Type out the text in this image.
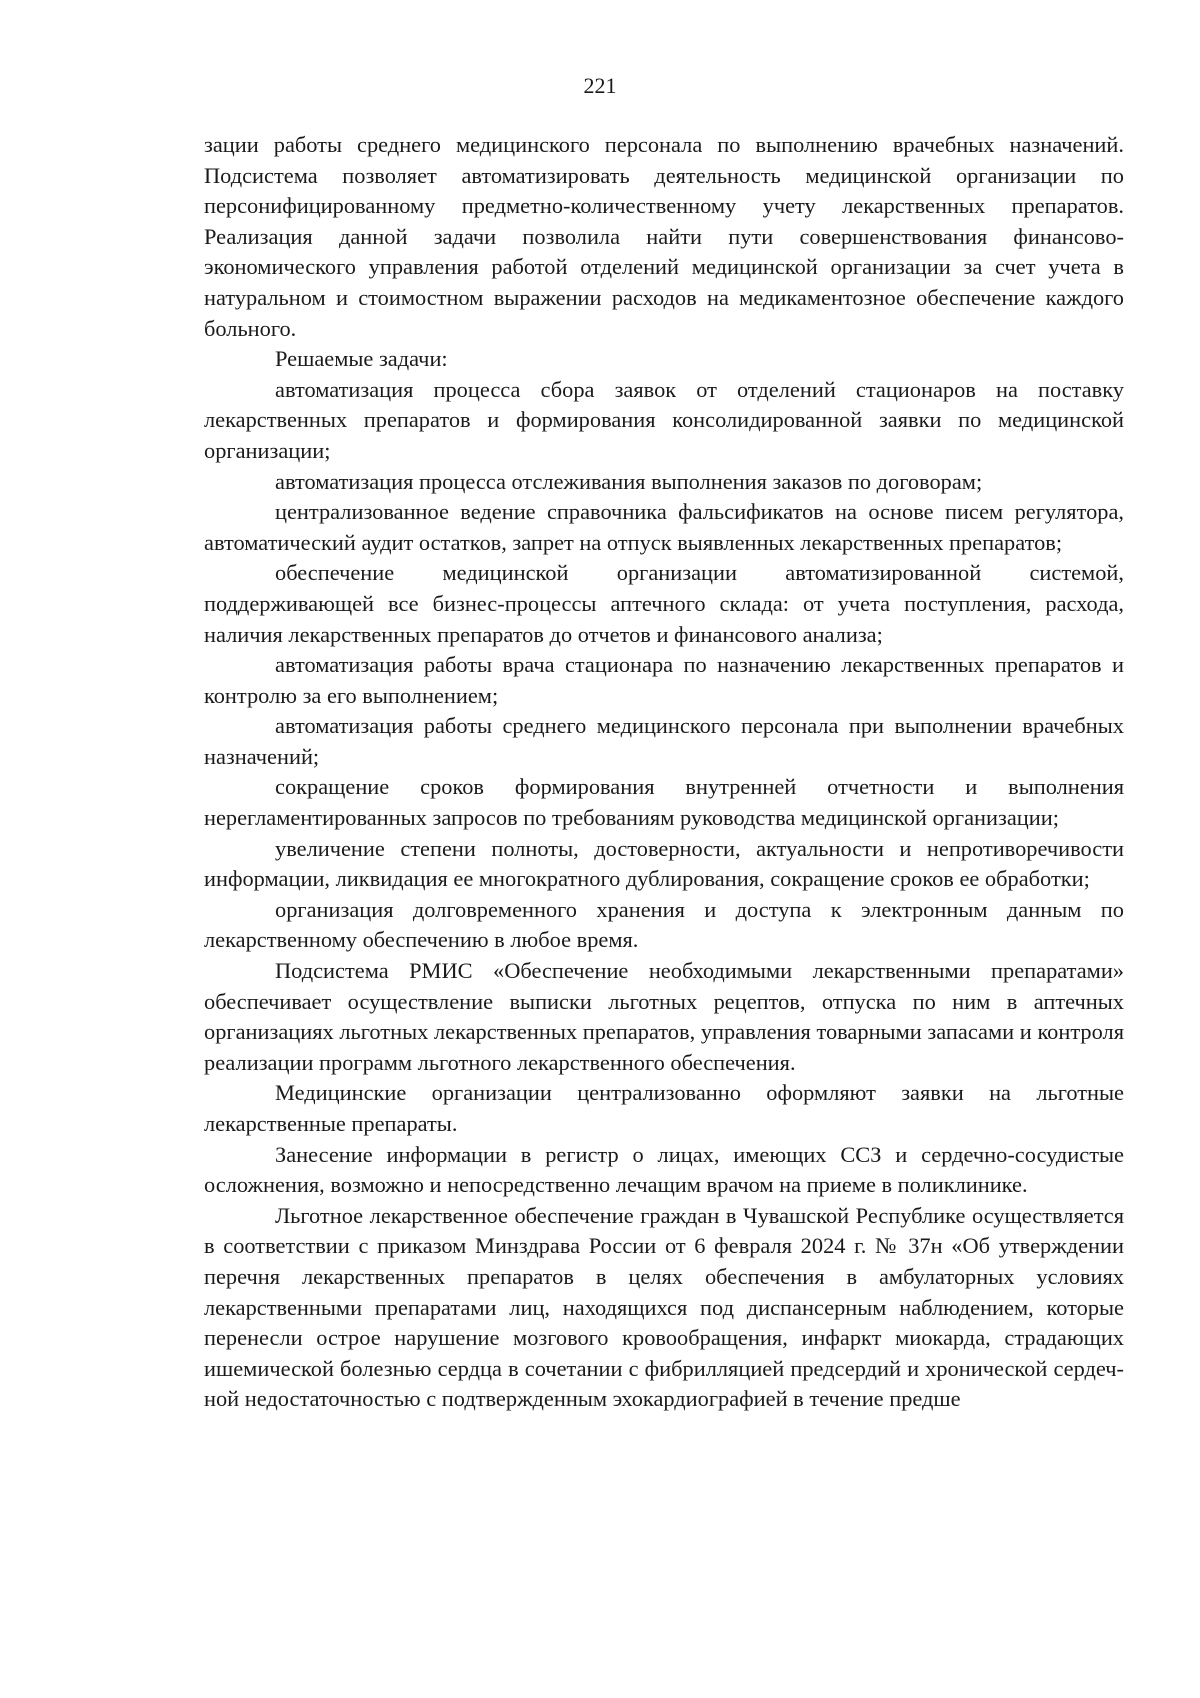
221

зации работы среднего медицинского персонала по выполнению врачебных назначений. Подсистема позволяет автоматизировать деятельность медицинской организации по персонифицированному предметно-количественному учету лекарственных препаратов. Реализация данной задачи позволила найти пути совершенствования финансово-экономического управления работой отделений медицинской организации за счет учета в натуральном и стоимостном выражении расходов на медикаментозное обеспечение каждого больного.

Решаемые задачи:

автоматизация процесса сбора заявок от отделений стационаров на поставку лекарственных препаратов и формирования консолидированной заявки по медицинской организации;

автоматизация процесса отслеживания выполнения заказов по договорам;

централизованное ведение справочника фальсификатов на основе писем регулятора, автоматический аудит остатков, запрет на отпуск выявленных лекарственных препаратов;

обеспечение медицинской организации автоматизированной системой, поддерживающей все бизнес-процессы аптечного склада: от учета поступления, расхода, наличия лекарственных препаратов до отчетов и финансового анализа;

автоматизация работы врача стационара по назначению лекарственных препаратов и контролю за его выполнением;

автоматизация работы среднего медицинского персонала при выполнении врачебных назначений;

сокращение сроков формирования внутренней отчетности и выполнения нерегламентированных запросов по требованиям руководства медицинской организации;

увеличение степени полноты, достоверности, актуальности и непротиворечивости информации, ликвидация ее многократного дублирования, сокращение сроков ее обработки;

организация долговременного хранения и доступа к электронным данным по лекарственному обеспечению в любое время.

Подсистема РМИС «Обеспечение необходимыми лекарственными препаратами» обеспечивает осуществление выписки льготных рецептов, отпуска по ним в аптечных организациях льготных лекарственных препаратов, управления товарными запасами и контроля реализации программ льготного лекарственного обеспечения.

Медицинские организации централизованно оформляют заявки на льготные лекарственные препараты.

Занесение информации в регистр о лицах, имеющих ССЗ и сердечно-сосудистые осложнения, возможно и непосредственно лечащим врачом на приеме в поликлинике.

Льготное лекарственное обеспечение граждан в Чувашской Республике осуществляется в соответствии с приказом Минздрава России от 6 февраля 2024 г. № 37н «Об утверждении перечня лекарственных препаратов в целях обеспечения в амбулаторных условиях лекарственными препаратами лиц, находящихся под диспансерным наблюдением, которые перенесли острое нарушение мозгового кровообращения, инфаркт миокарда, страдающих ишемической болезнью сердца в сочетании с фибрилляцией предсердий и хронической сердечной недостаточностью с подтвержденным эхокардиографией в течение предше
